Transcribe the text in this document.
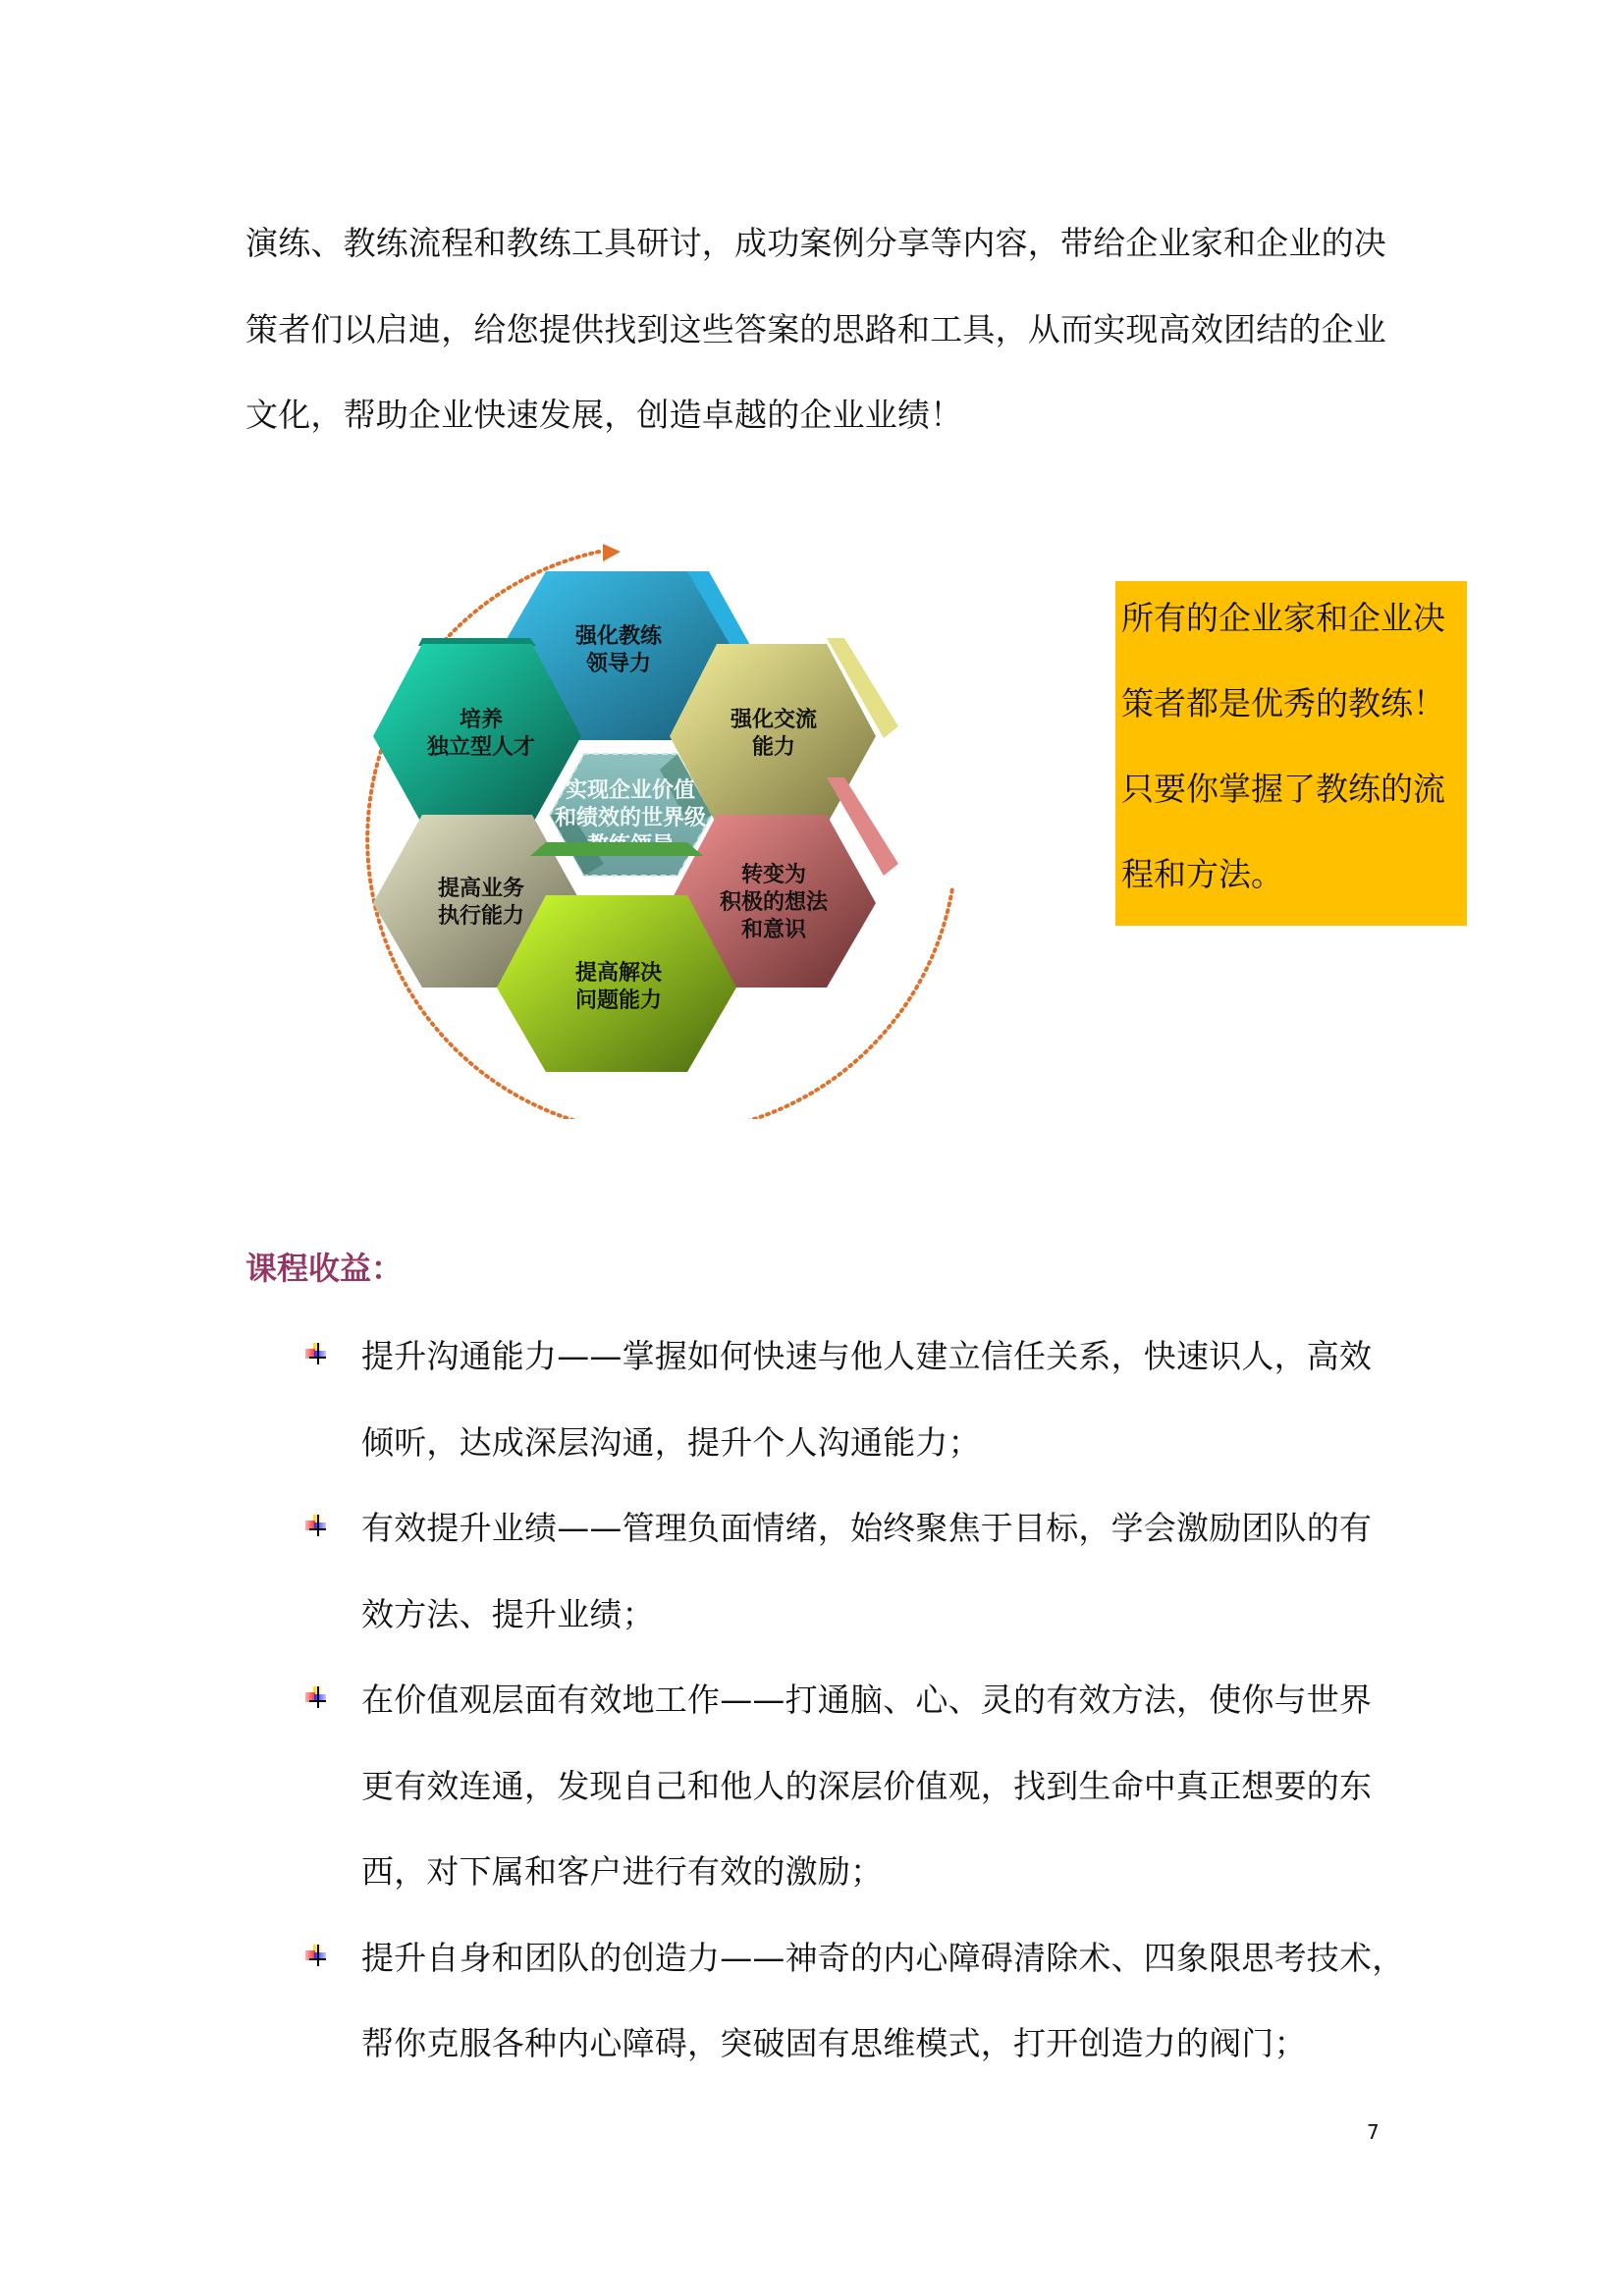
演练、教练流程和教练工具研讨，成功案例分享等内容，带给企业家和企业的决
策者们以启迪，给您提供找到这些答案的思路和工具，从而实现高效团结的企业
文化，帮助企业快速发展，创造卓越的企业业绩！
实现企业价值
和绩效的世界级
强化教练
领导力
培养
独立型人才
强化交流
能力
提高业务
执行能力
转变为
积极的想法
和意识
提高解决
问题能力
所有的企业家和企业决
策者都是优秀的教练！
只要你掌握了教练的流
程和方法。
课程收益：
提升沟通能力——掌握如何快速与他人建立信任关系，快速识人，高效
倾听，达成深层沟通，提升个人沟通能力；
有效提升业绩——管理负面情绪，始终聚焦于目标，学会激励团队的有
效方法、提升业绩；
在价值观层面有效地工作——打通脑、心、灵的有效方法，使你与世界
更有效连通，发现自己和他人的深层价值观，找到生命中真正想要的东
西，对下属和客户进行有效的激励；
提升自身和团队的创造力——神奇的内心障碍清除术、四象限思考技术，
帮你克服各种内心障碍，突破固有思维模式，打开创造力的阀门；
7
